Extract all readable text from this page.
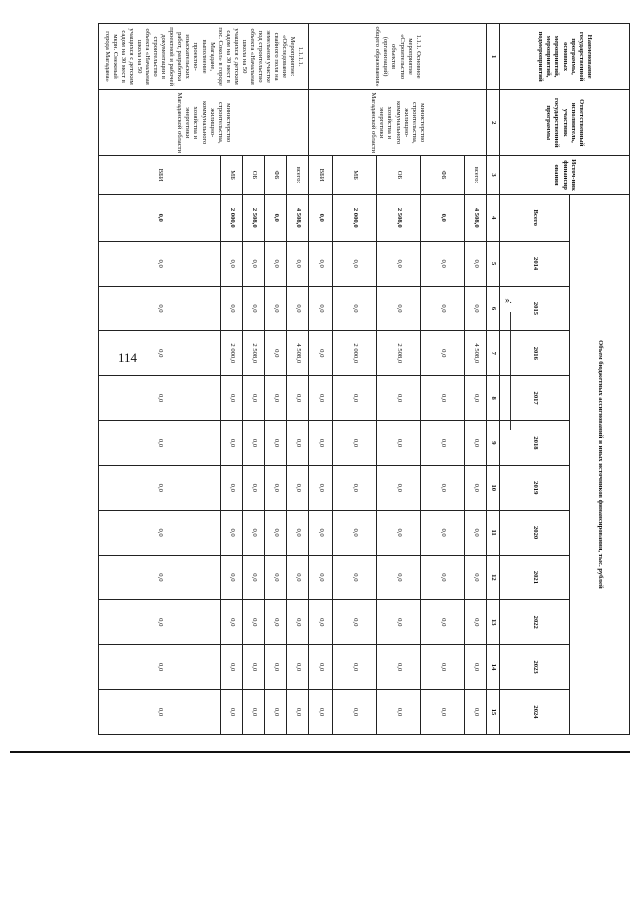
114
».
Наименование государственной программы, основных мероприятий, мероприятий, подмероприятий	Ответственный исполнитель, участник государственной программы	Источ-ник финансир ования	Объем бюджетных ассигнований и иных источников финансирования, тыс. рублей											
			Всего	2014	2015	2016	2017	2018	2019	2020	2021	2022	2023	2024
1	2	3	4	5	6	7	8	9	10	11	12	13	14	15
1.1.1. Основное мероприятие «Строительство объектов (организаций) общего образования»	министерство строительства, жилищно-коммунального хозяйства и энергетики Магаданской области	всего:	4 508,0	0,0	0,0	4 508,0	0,0	0,0	0,0	0,0	0,0	0,0	0,0	0,0
		ФБ	0,0	0,0	0,0	0,0	0,0	0,0	0,0	0,0	0,0	0,0	0,0	0,0
		ОБ	2 508,0	0,0	0,0	2 508,0	0,0	0,0	0,0	0,0	0,0	0,0	0,0	0,0
		МБ	2 000,0	0,0	0,0	2 000,0	0,0	0,0	0,0	0,0	0,0	0,0	0,0	0,0
		ВБИ	0,0	0,0	0,0	0,0	0,0	0,0	0,0	0,0	0,0	0,0	0,0	0,0
1.1.1.1. Мероприятие: «Обследование свайного поля на земельном участке под строительство объекта «Начальная школа на 50 учащихся с детским садом на 30 мест в пос. Сокол» в городе Магадане, выполнение проектно-изыскательских работ, разработка проектной и рабочей документации в строительство объекта «Начальная школа на 50 учащихся с детским садом на 30 мест в мкрн. Снежный города Магадана»	министерство строительства, жилищно-коммунального хозяйства и энергетики Магаданской области	всего:	4 508,0	0,0	0,0	4 508,0	0,0	0,0	0,0	0,0	0,0	0,0	0,0	0,0
		ФБ	0,0	0,0	0,0	0,0	0,0	0,0	0,0	0,0	0,0	0,0	0,0	0,0
		ОБ	2 508,0	0,0	0,0	2 508,0	0,0	0,0	0,0	0,0	0,0	0,0	0,0	0,0
		МБ	2 000,0	0,0	0,0	2 000,0	0,0	0,0	0,0	0,0	0,0	0,0	0,0	0,0
		ВБИ	0,0	0,0	0,0	0,0	0,0	0,0	0,0	0,0	0,0	0,0	0,0	0,0
